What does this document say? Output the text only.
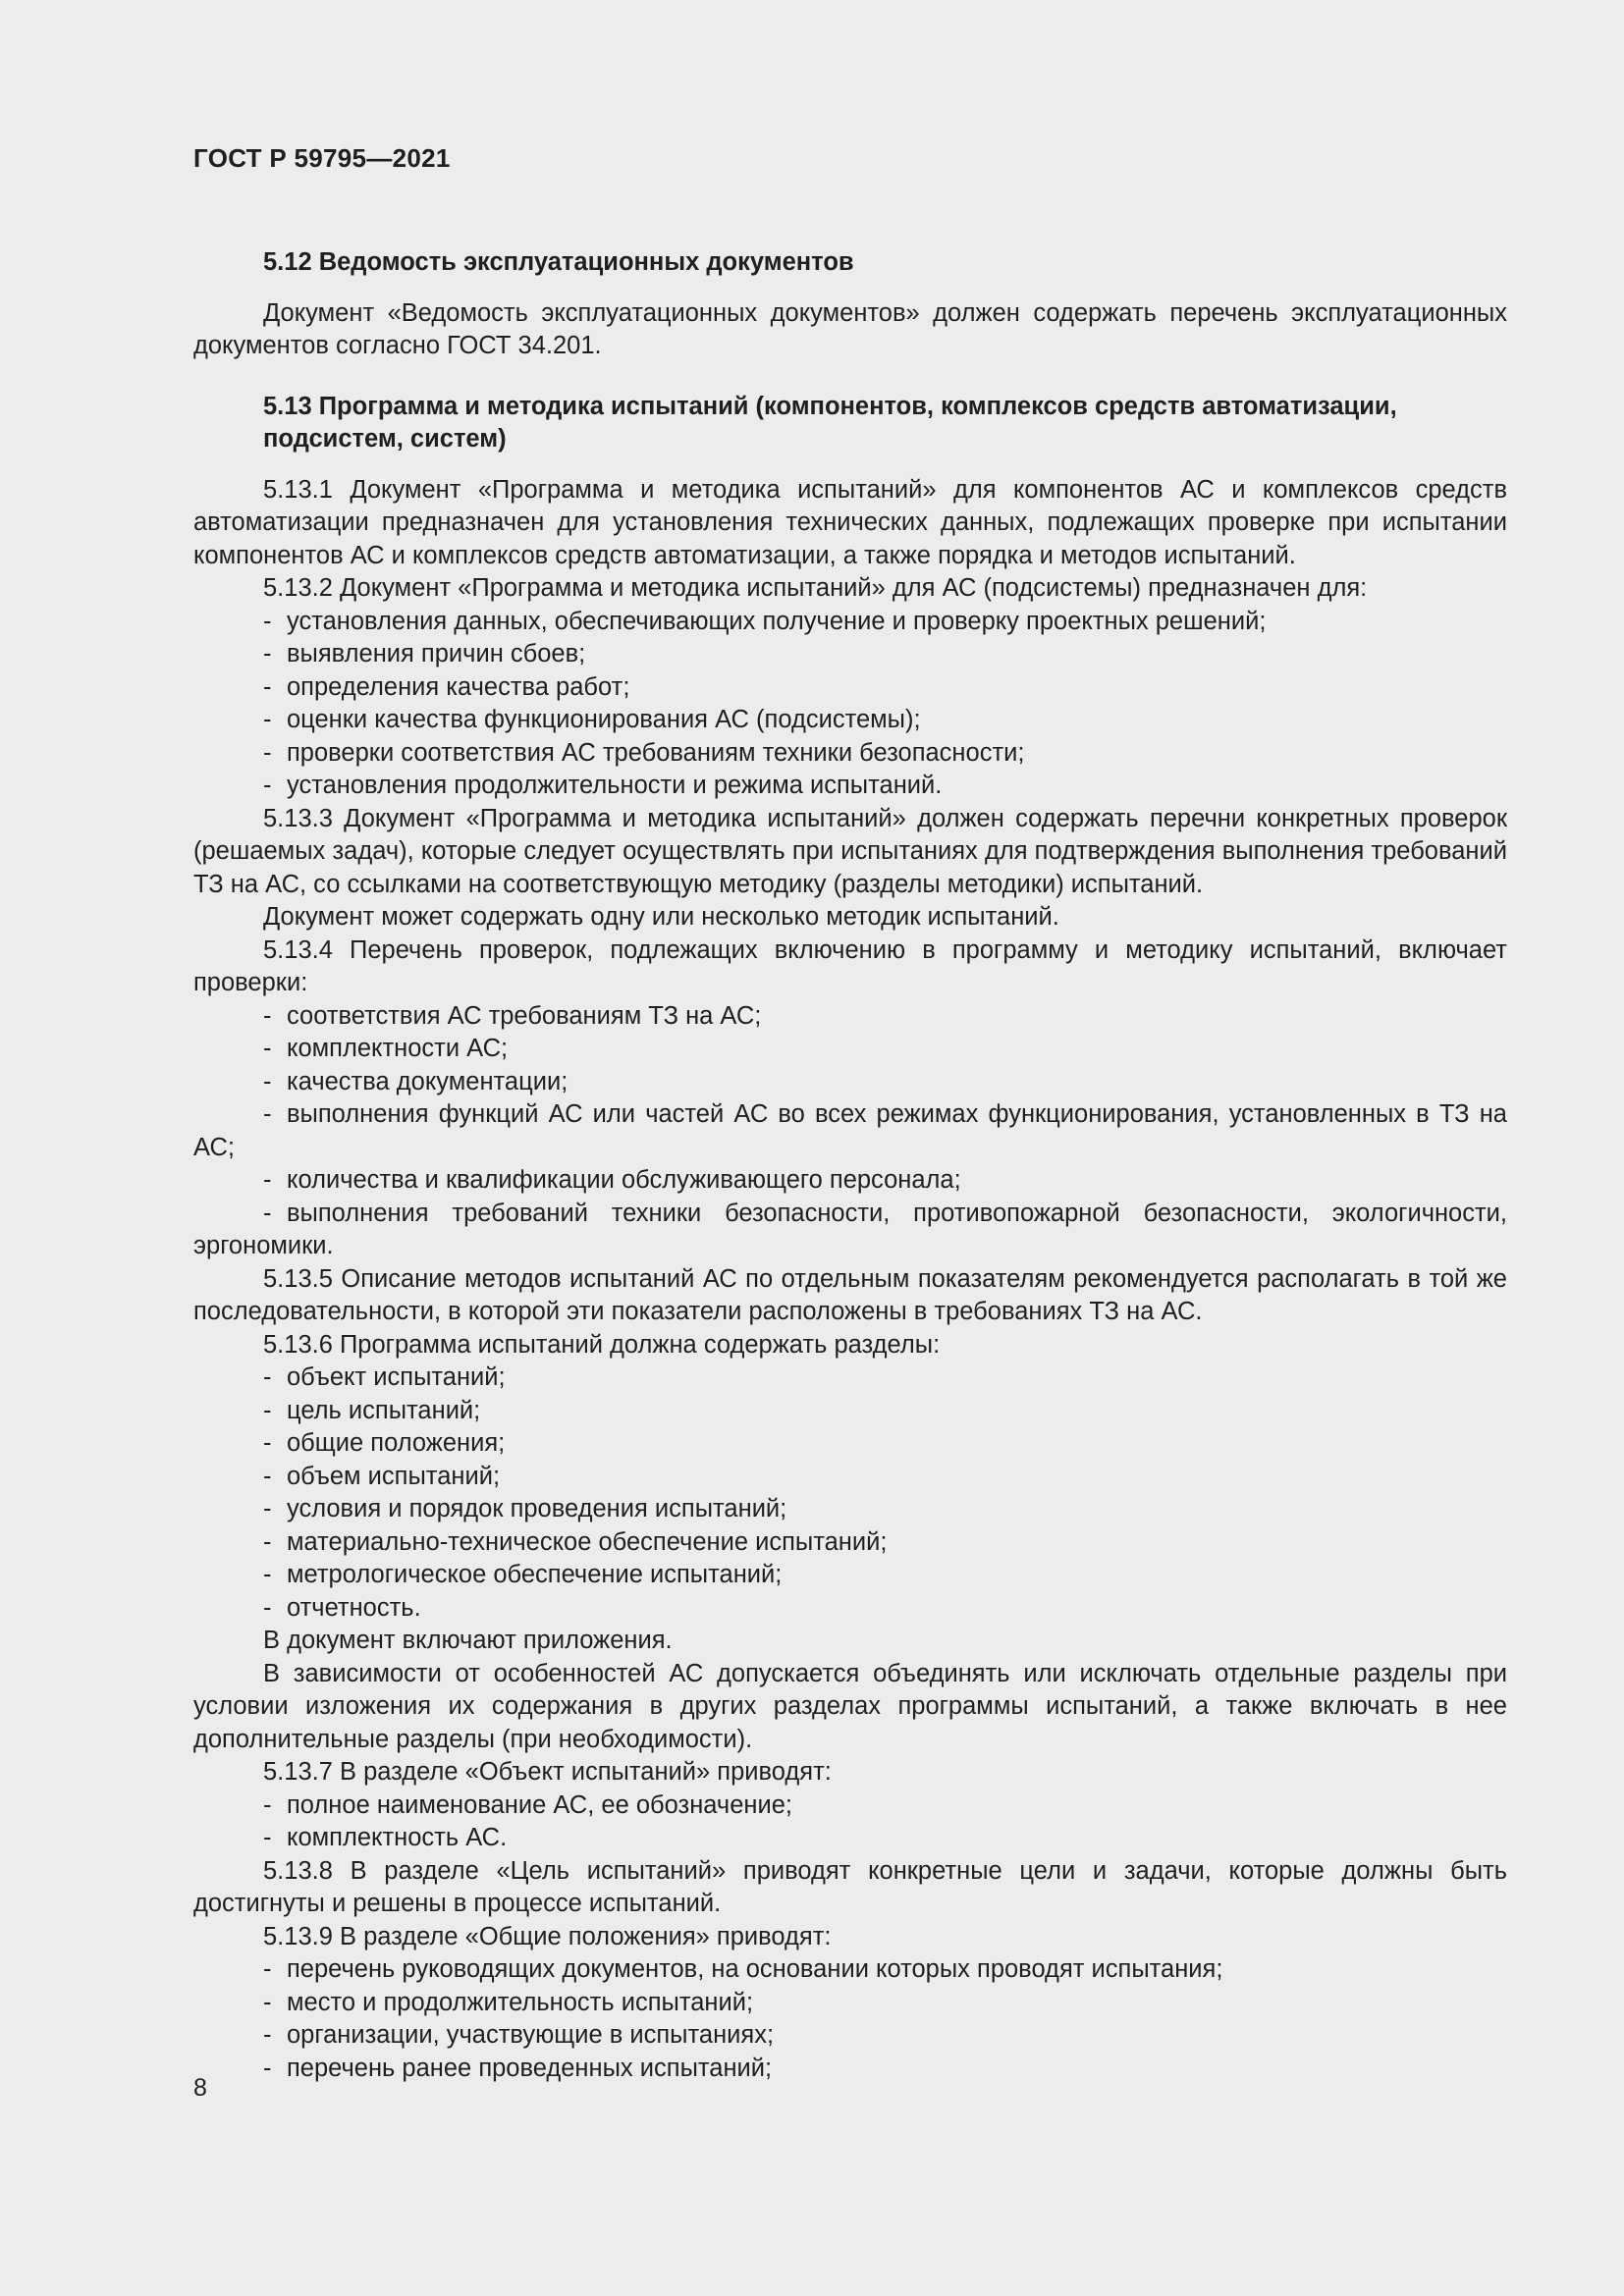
ГОСТ Р 59795—2021

5.12 Ведомость эксплуатационных документов

Документ «Ведомость эксплуатационных документов» должен содержать перечень эксплуатационных документов согласно ГОСТ 34.201.

5.13 Программа и методика испытаний (компонентов, комплексов средств автоматизации, подсистем, систем)

5.13.1 Документ «Программа и методика испытаний» для компонентов АС и комплексов средств автоматизации предназначен для установления технических данных, подлежащих проверке при испытании компонентов АС и комплексов средств автоматизации, а также порядка и методов испытаний.

5.13.2 Документ «Программа и методика испытаний» для АС (подсистемы) предназначен для:

- установления данных, обеспечивающих получение и проверку проектных решений;

- выявления причин сбоев;

- определения качества работ;

- оценки качества функционирования АС (подсистемы);

- проверки соответствия АС требованиям техники безопасности;

- установления продолжительности и режима испытаний.

5.13.3 Документ «Программа и методика испытаний» должен содержать перечни конкретных проверок (решаемых задач), которые следует осуществлять при испытаниях для подтверждения выполнения требований ТЗ на АС, со ссылками на соответствующую методику (разделы методики) испытаний.

Документ может содержать одну или несколько методик испытаний.

5.13.4 Перечень проверок, подлежащих включению в программу и методику испытаний, включает проверки:

- соответствия АС требованиям ТЗ на АС;

- комплектности АС;

- качества документации;

- выполнения функций АС или частей АС во всех режимах функционирования, установленных в ТЗ на АС;

- количества и квалификации обслуживающего персонала;

- выполнения требований техники безопасности, противопожарной безопасности, экологичности, эргономики.

5.13.5 Описание методов испытаний АС по отдельным показателям рекомендуется располагать в той же последовательности, в которой эти показатели расположены в требованиях ТЗ на АС.

5.13.6 Программа испытаний должна содержать разделы:

- объект испытаний;

- цель испытаний;

- общие положения;

- объем испытаний;

- условия и порядок проведения испытаний;

- материально-техническое обеспечение испытаний;

- метрологическое обеспечение испытаний;

- отчетность.

В документ включают приложения.

В зависимости от особенностей АС допускается объединять или исключать отдельные разделы при условии изложения их содержания в других разделах программы испытаний, а также включать в нее дополнительные разделы (при необходимости).

5.13.7 В разделе «Объект испытаний» приводят:

- полное наименование АС, ее обозначение;

- комплектность АС.

5.13.8 В разделе «Цель испытаний» приводят конкретные цели и задачи, которые должны быть достигнуты и решены в процессе испытаний.

5.13.9 В разделе «Общие положения» приводят:

- перечень руководящих документов, на основании которых проводят испытания;

- место и продолжительность испытаний;

- организации, участвующие в испытаниях;

- перечень ранее проведенных испытаний;

8
